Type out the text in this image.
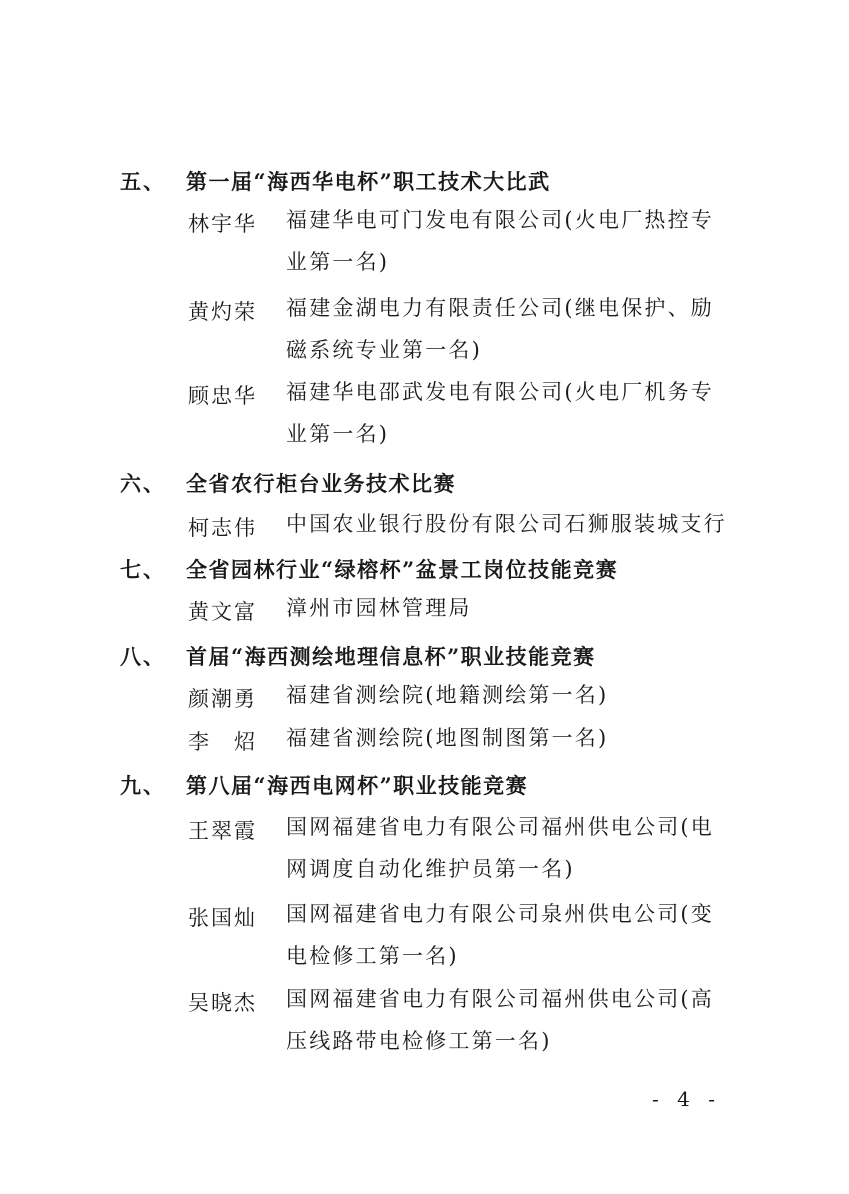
五、 第一届“海西华电杯”职工技术大比武
林宇华 福建华电可门发电有限公司(火电厂热控专业第一名)
黄灼荣 福建金湖电力有限责任公司(继电保护、励磁系统专业第一名)
顾忠华 福建华电邵武发电有限公司(火电厂机务专业第一名)
六、 全省农行柜台业务技术比赛
柯志伟 中国农业银行股份有限公司石狮服装城支行
七、 全省园林行业“绿榕杯”盆景工岗位技能竞赛
黄文富 漳州市园林管理局
八、 首届“海西测绘地理信息杯”职业技能竞赛
颜潮勇 福建省测绘院(地籍测绘第一名)
李　炤 福建省测绘院(地图制图第一名)
九、 第八届“海西电网杯”职业技能竞赛
王翠霞 国网福建省电力有限公司福州供电公司(电网调度自动化维护员第一名)
张国灿 国网福建省电力有限公司泉州供电公司(变电检修工第一名)
吴晓杰 国网福建省电力有限公司福州供电公司(高压线路带电检修工第一名)
- 4 -
